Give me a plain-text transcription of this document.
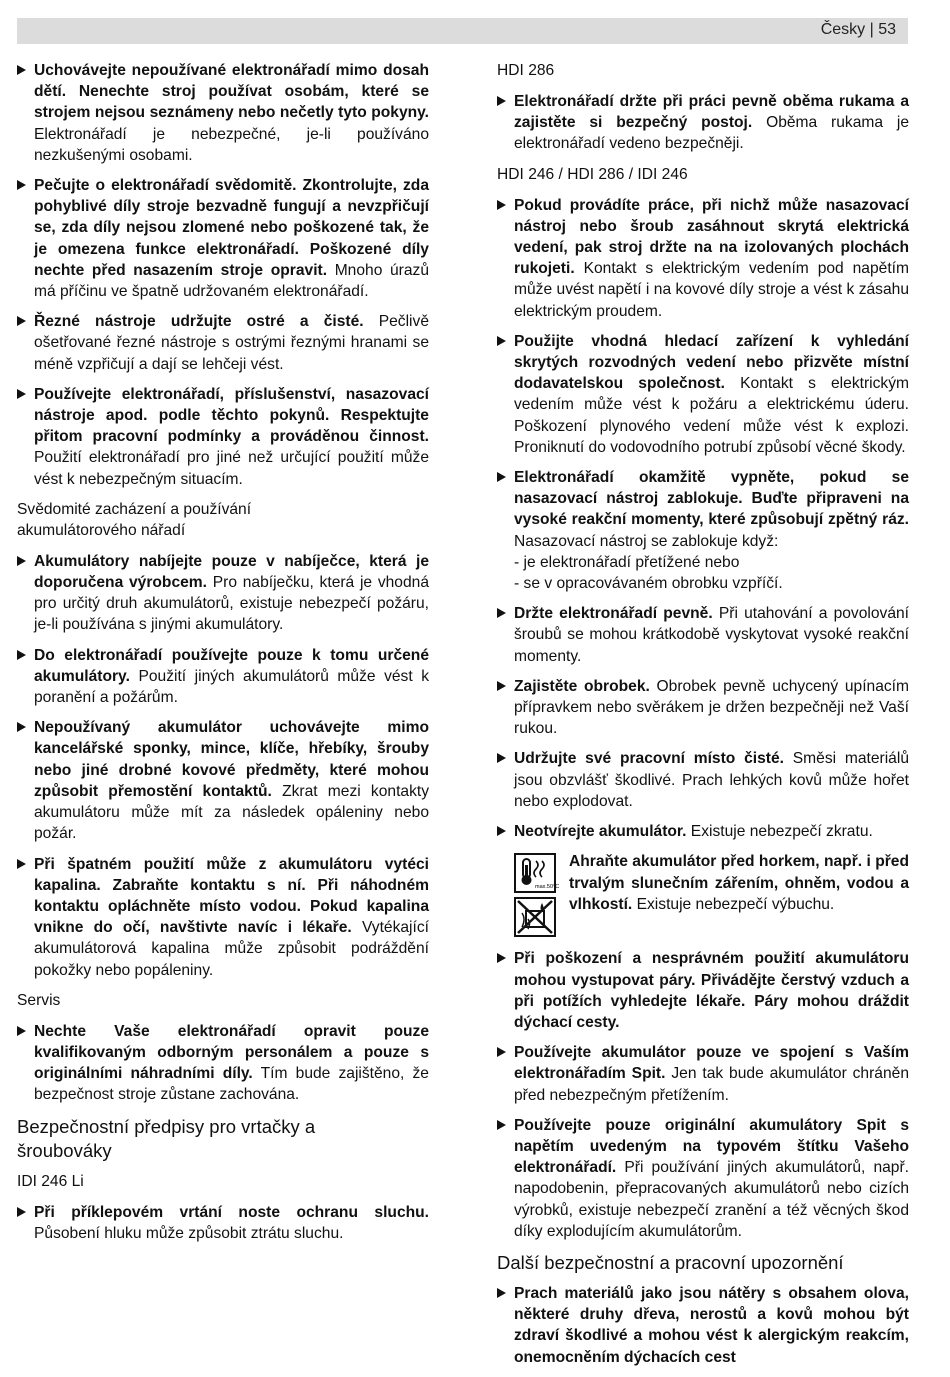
Česky | 53

Uchovávejte nepoužívané elektronářadí mimo dosah dětí. Nenechte stroj používat osobám, které se strojem nejsou seznámeny nebo nečetly tyto pokyny. Elektronářadí je nebezpečné, je-li používáno nezkušenými osobami.

Pečujte o elektronářadí svědomitě. Zkontrolujte, zda pohyblivé díly stroje bezvadně fungují a nevzpřičují se, zda díly nejsou zlomené nebo poškozené tak, že je omezena funkce elektronářadí. Poškozené díly nechte před nasazením stroje opravit. Mnoho úrazů má příčinu ve špatně udržovaném elektronářadí.

Řezné nástroje udržujte ostré a čisté. Pečlivě ošetřované řezné nástroje s ostrými řeznými hranami se méně vzpřičují a dají se lehčeji vést.

Používejte elektronářadí, příslušenství, nasazovací nástroje apod. podle těchto pokynů. Respektujte přitom pracovní podmínky a prováděnou činnost. Použití elektronářadí pro jiné než určující použití může vést k nebezpečným situacím.

Svědomité zacházení a používání
akumulátorového nářadí

Akumulátory nabíjejte pouze v nabíječce, která je doporučena výrobcem. Pro nabíječku, která je vhodná pro určitý druh akumulátorů, existuje nebezpečí požáru, je-li používána s jinými akumulátory.

Do elektronářadí používejte pouze k tomu určené akumulátory. Použití jiných akumulátorů může vést k poranění a požárům.

Nepoužívaný akumulátor uchovávejte mimo kancelářské sponky, mince, klíče, hřebíky, šrouby nebo jiné drobné kovové předměty, které mohou způsobit přemostění kontaktů. Zkrat mezi kontakty akumulátoru může mít za následek opáleniny nebo požár.

Při špatném použití může z akumulátoru vytéci kapalina. Zabraňte kontaktu s ní. Při náhodném kontaktu opláchněte místo vodou. Pokud kapalina vnikne do očí, navštivte navíc i lékaře. Vytékající akumulátorová kapalina může způsobit podráždění pokožky nebo popáleniny.

Servis

Nechte Vaše elektronářadí opravit pouze kvalifikovaným odborným personálem a pouze s originálními náhradními díly. Tím bude zajištěno, že bezpečnost stroje zůstane zachována.

Bezpečnostní předpisy pro vrtačky a
šroubováky
IDI 246 Li

Při příklepovém vrtání noste ochranu sluchu. Působení hluku může způsobit ztrátu sluchu.

HDI 286

Elektronářadí držte při práci pevně oběma rukama a zajistěte si bezpečný postoj. Oběma rukama je elektronářadí vedeno bezpečněji.

HDI 246 / HDI 286 / IDI 246

Pokud provádíte práce, při nichž může nasazovací nástroj nebo šroub zasáhnout skrytá elektrická vedení, pak stroj držte na na izolovaných plochách rukojeti. Kontakt s elektrickým vedením pod napětím může uvést napětí i na kovové díly stroje a vést k zásahu elektrickým proudem.

Použijte vhodná hledací zařízení k vyhledání skrytých rozvodných vedení nebo přizvěte místní dodavatelskou společnost. Kontakt s elektrickým vedením může vést k požáru a elektrickému úderu. Poškození plynového vedení může vést k explozi. Proniknutí do vodovodního potrubí způsobí věcné škody.

Elektronářadí okamžitě vypněte, pokud se nasazovací nástroj zablokuje. Buďte připraveni na vysoké reakční momenty, které způsobují zpětný ráz. Nasazovací nástroj se zablokuje když:
- je elektronářadí přetížené nebo
- se v opracovávaném obrobku vzpříčí.

Držte elektronářadí pevně. Při utahování a povolování šroubů se mohou krátkodobě vyskytovat vysoké reakční momenty.

Zajistěte obrobek. Obrobek pevně uchycený upínacím přípravkem nebo svěrákem je držen bezpečněji než Vaší rukou.

Udržujte své pracovní místo čisté. Směsi materiálů jsou obzvlášť škodlivé. Prach lehkých kovů může hořet nebo explodovat.

Neotvírejte akumulátor. Existuje nebezpečí zkratu.

max.50°C
Ahraňte akumulátor před horkem, např. i před trvalým slunečním zářením, ohněm, vodou a vlhkostí. Existuje nebezpečí výbuchu.

Při poškození a nesprávném použití akumulátoru mohou vystupovat páry. Přivádějte čerstvý vzduch a při potížích vyhledejte lékaře. Páry mohou dráždit dýchací cesty.

Používejte akumulátor pouze ve spojení s Vaším elektronářadím Spit. Jen tak bude akumulátor chráněn před nebezpečným přetížením.

Používejte pouze originální akumulátory Spit s napětím uvedeným na typovém štítku Vašeho elektronářadí. Při používání jiných akumulátorů, např. napodobenin, přepracovaných akumulátorů nebo cizích výrobků, existuje nebezpečí zranění a též věcných škod díky explodujícím akumulátorům.

Další bezpečnostní a pracovní upozornění

Prach materiálů jako jsou nátěry s obsahem olova, některé druhy dřeva, nerostů a kovů mohou být zdraví škodlivé a mohou vést k alergickým reakcím, onemocněním dýchacích cest
